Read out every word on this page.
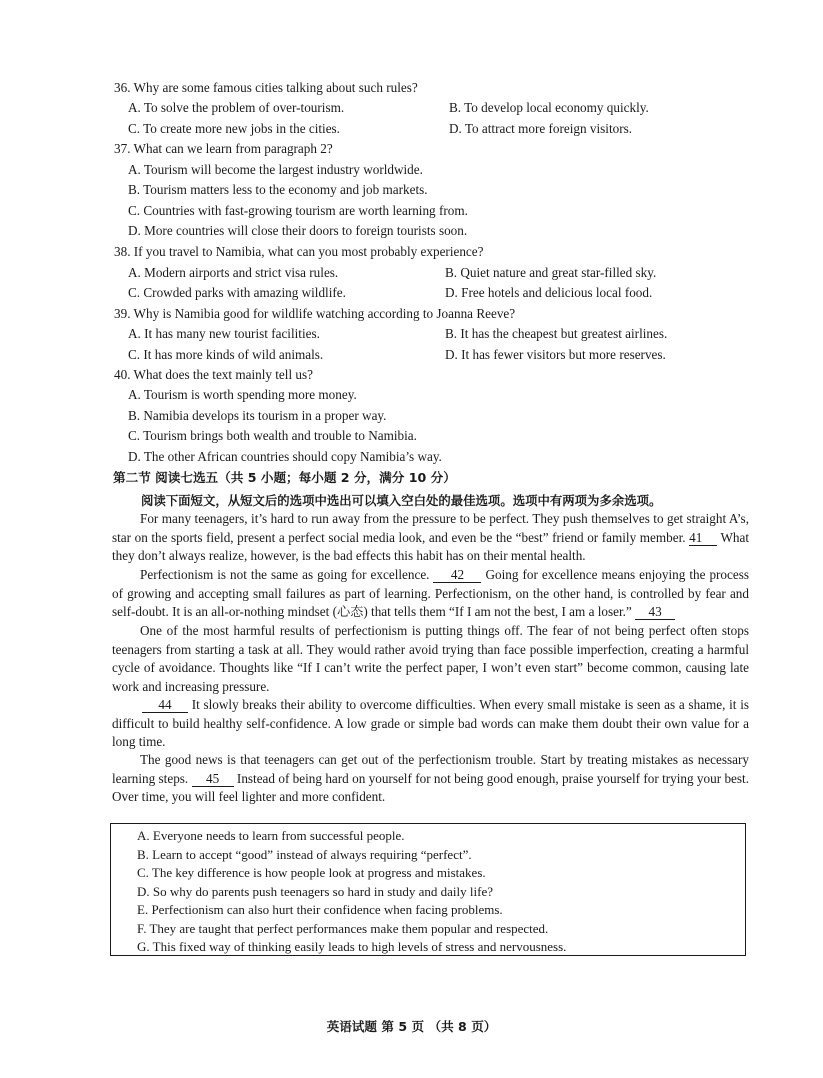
36. Why are some famous cities talking about such rules?
A. To solve the problem of over-tourism.	B. To develop local economy quickly.
C. To create more new jobs in the cities.	D. To attract more foreign visitors.
37. What can we learn from paragraph 2?
A. Tourism will become the largest industry worldwide.
B. Tourism matters less to the economy and job markets.
C. Countries with fast-growing tourism are worth learning from.
D. More countries will close their doors to foreign tourists soon.
38. If you travel to Namibia, what can you most probably experience?
A. Modern airports and strict visa rules.	B. Quiet nature and great star-filled sky.
C. Crowded parks with amazing wildlife.	D. Free hotels and delicious local food.
39. Why is Namibia good for wildlife watching according to Joanna Reeve?
A. It has many new tourist facilities.	B. It has the cheapest but greatest airlines.
C. It has more kinds of wild animals.	D. It has fewer visitors but more reserves.
40. What does the text mainly tell us?
A. Tourism is worth spending more money.
B. Namibia develops its tourism in a proper way.
C. Tourism brings both wealth and trouble to Namibia.
D. The other African countries should copy Namibia’s way.
第二节 阅读七选五（共 5 小题；每小题 2 分，满分 10 分）
阅读下面短文，从短文后的选项中选出可以填入空白处的最佳选项。选项中有两项为多余选项。
For many teenagers, it’s hard to run away from the pressure to be perfect. They push themselves to get straight A’s, star on the sports field, present a perfect social media look, and even be the “best” friend or family member. 41 What they don’t always realize, however, is the bad effects this habit has on their mental health.
Perfectionism is not the same as going for excellence. 42 Going for excellence means enjoying the process of growing and accepting small failures as part of learning. Perfectionism, on the other hand, is controlled by fear and self-doubt. It is an all-or-nothing mindset (心态) that tells them “If I am not the best, I am a loser.” 43
One of the most harmful results of perfectionism is putting things off. The fear of not being perfect often stops teenagers from starting a task at all. They would rather avoid trying than face possible imperfection, creating a harmful cycle of avoidance. Thoughts like “If I can’t write the perfect paper, I won’t even start” become common, causing late work and increasing pressure.
44 It slowly breaks their ability to overcome difficulties. When every small mistake is seen as a shame, it is difficult to build healthy self-confidence. A low grade or simple bad words can make them doubt their own value for a long time.
The good news is that teenagers can get out of the perfectionism trouble. Start by treating mistakes as necessary learning steps. 45 Instead of being hard on yourself for not being good enough, praise yourself for trying your best. Over time, you will feel lighter and more confident.
A. Everyone needs to learn from successful people.
B. Learn to accept “good” instead of always requiring “perfect”.
C. The key difference is how people look at progress and mistakes.
D. So why do parents push teenagers so hard in study and daily life?
E. Perfectionism can also hurt their confidence when facing problems.
F. They are taught that perfect performances make them popular and respected.
G. This fixed way of thinking easily leads to high levels of stress and nervousness.
英语试题 第 5 页 （共 8 页）
